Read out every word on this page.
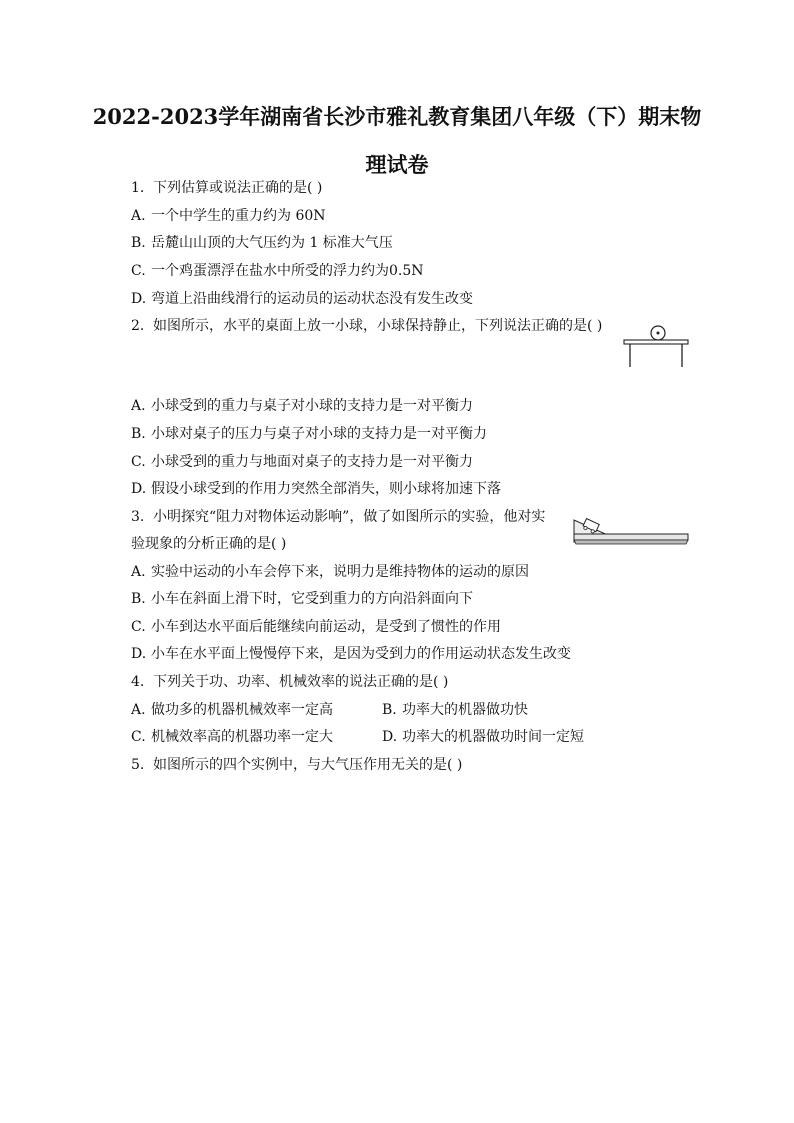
2022-2023学年湖南省长沙市雅礼教育集团八年级（下）期末物
理试卷
1. 下列估算或说法正确的是( )
A. 一个中学生的重力约为 60N
B. 岳麓山山顶的大气压约为 1 标准大气压
C. 一个鸡蛋漂浮在盐水中所受的浮力约为0.5N
D. 弯道上沿曲线滑行的运动员的运动状态没有发生改变
2. 如图所示，水平的桌面上放一小球，小球保持静止，下列说法正确的是( )
A. 小球受到的重力与桌子对小球的支持力是一对平衡力
B. 小球对桌子的压力与桌子对小球的支持力是一对平衡力
C. 小球受到的重力与地面对桌子的支持力是一对平衡力
D. 假设小球受到的作用力突然全部消失，则小球将加速下落
3. 小明探究“阻力对物体运动影响”，做了如图所示的实验，他对实
验现象的分析正确的是( )
A. 实验中运动的小车会停下来，说明力是维持物体的运动的原因
B. 小车在斜面上滑下时，它受到重力的方向沿斜面向下
C. 小车到达水平面后能继续向前运动，是受到了惯性的作用
D. 小车在水平面上慢慢停下来，是因为受到力的作用运动状态发生改变
4. 下列关于功、功率、机械效率的说法正确的是( )
A. 做功多的机器机械效率一定高	B. 功率大的机器做功快
C. 机械效率高的机器功率一定大	D. 功率大的机器做功时间一定短
5. 如图所示的四个实例中，与大气压作用无关的是( )
